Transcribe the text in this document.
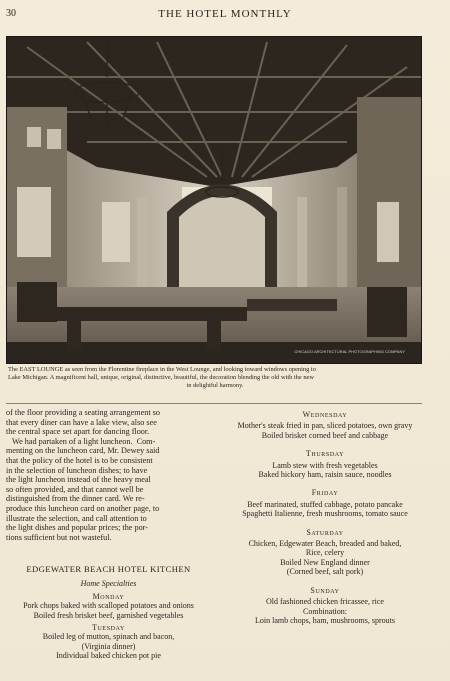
30	THE HOTEL MONTHLY
CHICAGO ARCHITECTURAL PHOTOGRAPHING COMPANY
The EAST LOUNGE as seen from the Florentine fireplace in the West Lounge, and looking toward windows opening to
Lake Michigan. A magnificent hall, unique, original, distinctive, beautiful, the decoration blending the old with the new
in delightful harmony.
of the floor providing a seating arrangement so
that every diner can have a lake view, also see
the central space set apart for dancing floor.
We had partaken of a light luncheon.  Com-
menting on the luncheon card, Mr. Dewey said
that the policy of the hotel is to be consistent
in the selection of luncheon dishes; to have
the light luncheon instead of the heavy meal
so often provided, and that cannot well be
distinguished from the dinner card. We re-
produce this luncheon card on another page, to
illustrate the selection, and call attention to
the light dishes and popular prices; the por-
tions sufficient but not wasteful.
EDGEWATER BEACH HOTEL KITCHEN
Home Specialties
Monday
Pork chops baked with scalloped potatoes and onions
Boiled fresh brisket beef, garnished vegetables
Tuesday
Boiled leg of mutton, spinach and bacon,
(Virginia dinner)
Individual baked chicken pot pie
Wednesday
Mother's steak fried in pan, sliced potatoes, own gravy
Boiled brisket corned beef and cabbage
Thursday
Lamb stew with fresh vegetables
Baked hickory ham, raisin sauce, noodles
Friday
Beef marinated, stuffed cabbage, potato pancake
Spaghetti Italienne, fresh mushrooms, tomato sauce
Saturday
Chicken, Edgewater Beach, breaded and baked,
Rice, celery
Boiled New England dinner
(Corned beef, salt pork)
Sunday
Old fashioned chicken fricassee, rice
Combination:
Loin lamb chops, ham, mushrooms, sprouts
